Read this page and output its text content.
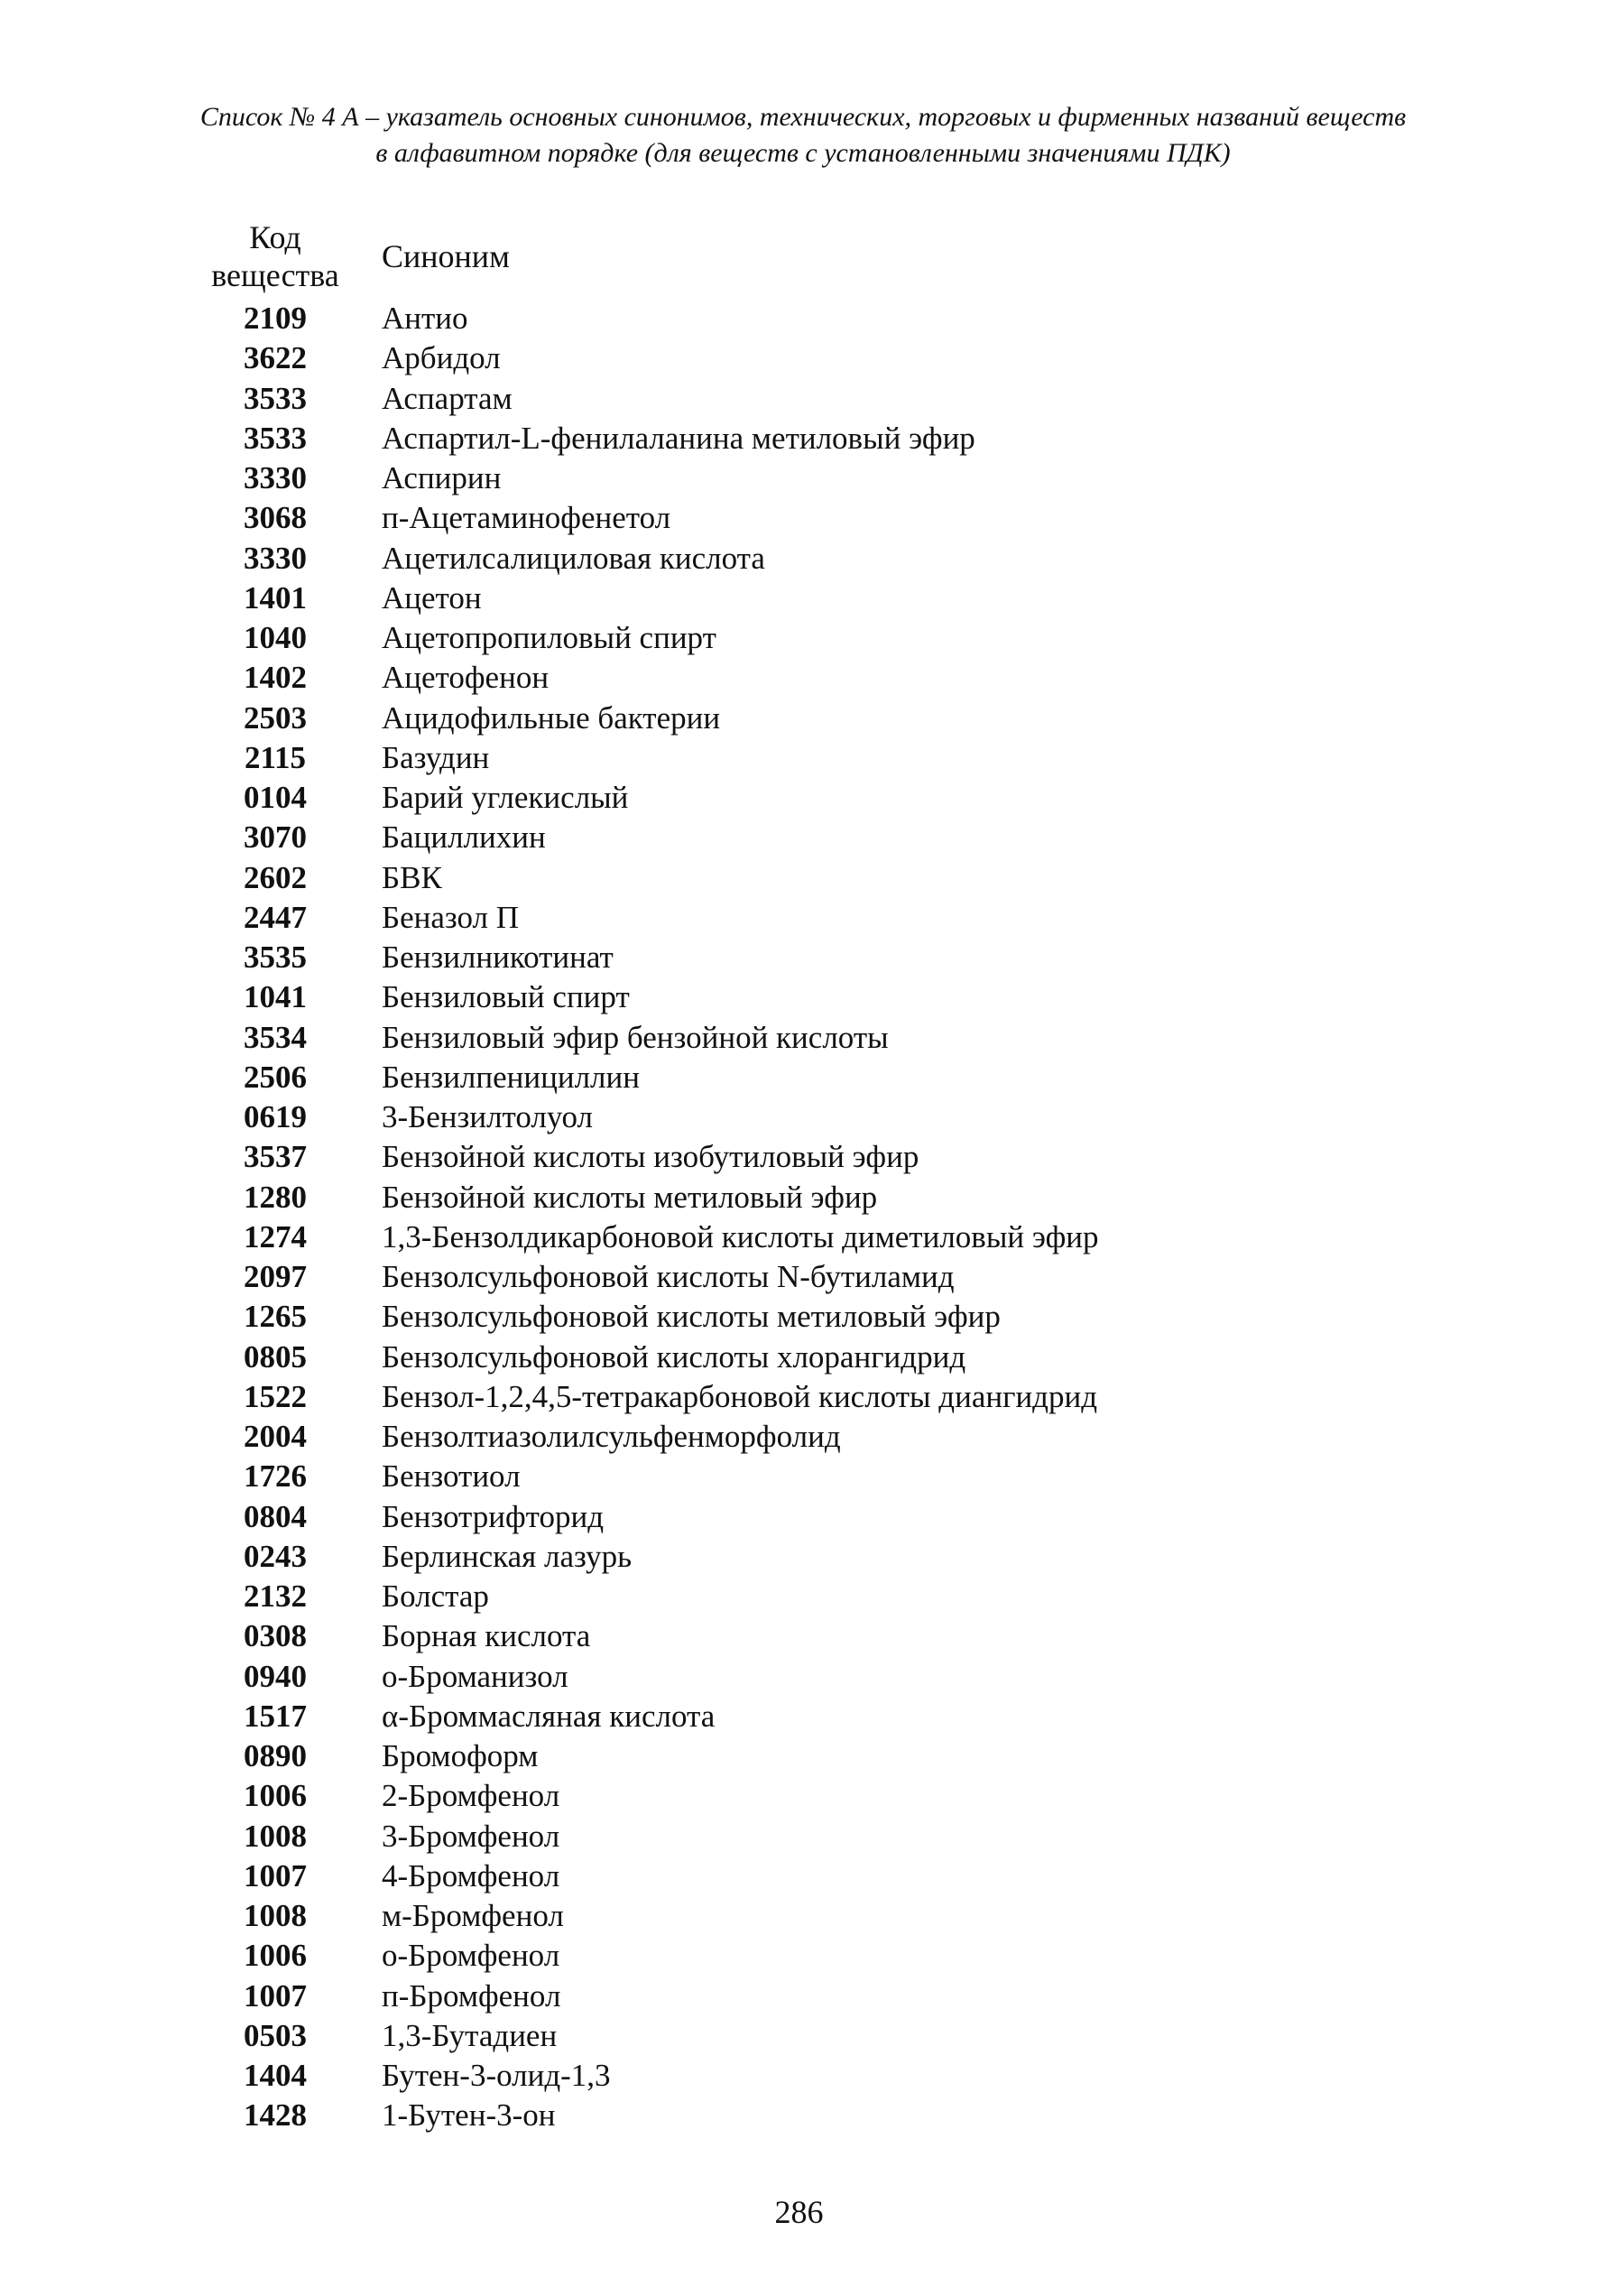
Список № 4 А – указатель основных синонимов, технических, торговых и фирменных названий веществ
в алфавитном порядке (для веществ с установленными значениями ПДК)
Код
вещества	Синоним
2109	Антио
3622	Арбидол
3533	Аспартам
3533	Аспартил-L-фенилаланина метиловый эфир
3330	Аспирин
3068	п-Ацетаминофенетол
3330	Ацетилсалициловая кислота
1401	Ацетон
1040	Ацетопропиловый спирт
1402	Ацетофенон
2503	Ацидофильные бактерии
2115	Базудин
0104	Барий углекислый
3070	Бациллихин
2602	БВК
2447	Беназол П
3535	Бензилникотинат
1041	Бензиловый спирт
3534	Бензиловый эфир бензойной кислоты
2506	Бензилпенициллин
0619	3-Бензилтолуол
3537	Бензойной кислоты изобутиловый эфир
1280	Бензойной кислоты метиловый эфир
1274	1,3-Бензолдикарбоновой кислоты диметиловый эфир
2097	Бензолсульфоновой кислоты N-бутиламид
1265	Бензолсульфоновой кислоты метиловый эфир
0805	Бензолсульфоновой кислоты хлорангидрид
1522	Бензол-1,2,4,5-тетракарбоновой кислоты диангидрид
2004	Бензолтиазолилсульфенморфолид
1726	Бензотиол
0804	Бензотрифторид
0243	Берлинская лазурь
2132	Болстар
0308	Борная кислота
0940	о-Броманизол
1517	α-Броммасляная кислота
0890	Бромоформ
1006	2-Бромфенол
1008	3-Бромфенол
1007	4-Бромфенол
1008	м-Бромфенол
1006	о-Бромфенол
1007	п-Бромфенол
0503	1,3-Бутадиен
1404	Бутен-3-олид-1,3
1428	1-Бутен-3-он
286
